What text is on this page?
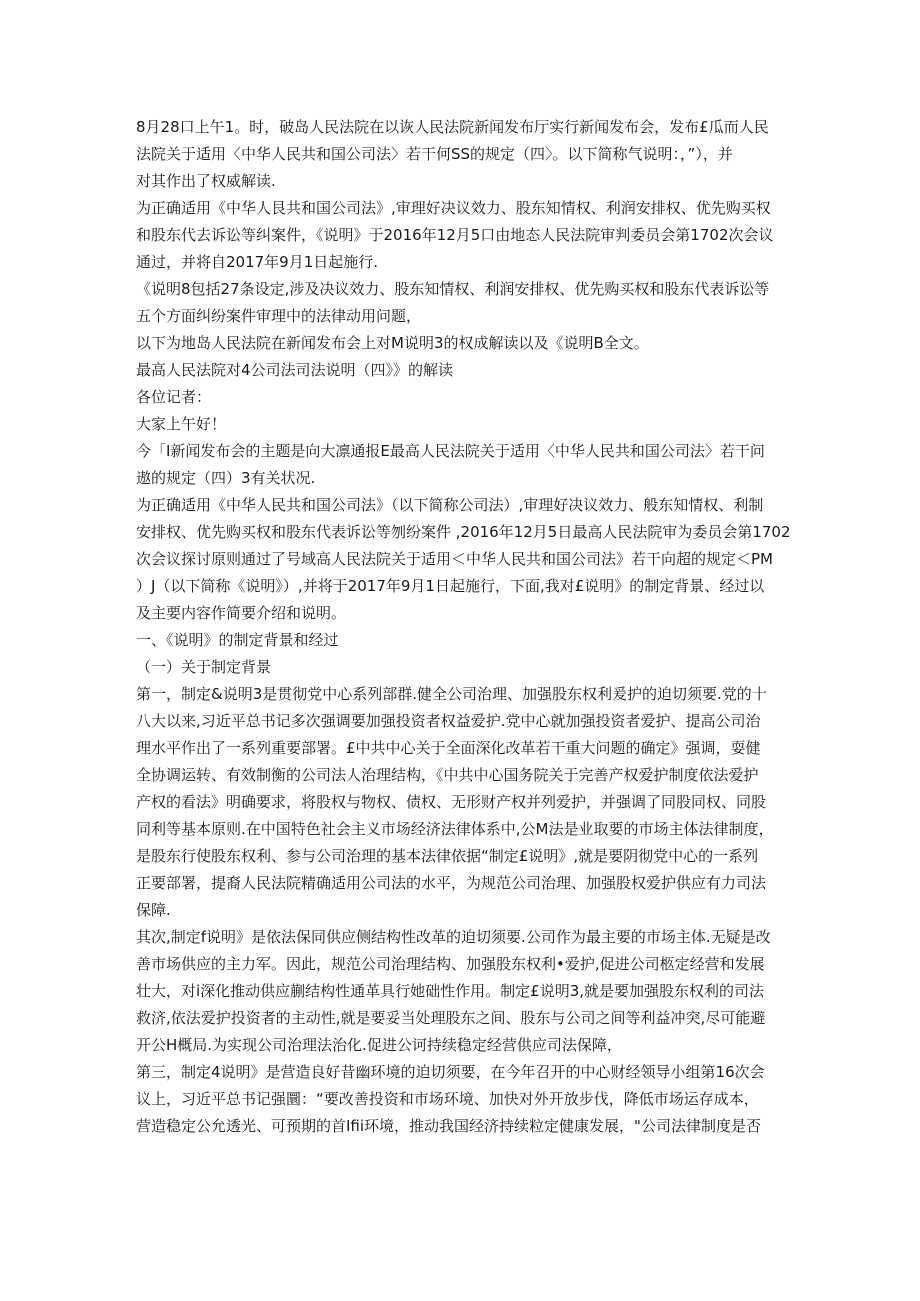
8月28口上午1。时，破岛人民法院在以诙人民法院新闻发布厅实行新闻发布会，发布£瓜而人民
法院关于适用〈中华人民共和国公司法〉若干何SS的规定（四〉。以下简称气说明：，”），并
对其作出了权威解读.
为正确适用《中华人艮共和国公司法》,审理好决议效力、股东知情权、利润安排权、优先购买权
和股东代去诉讼等纠案件，《说明》于2016年12月5口由地态人民法院审判委员会第1702次会议
通过，并将自2017年9月1日起施行.
《说明8包括27条设定,涉及决议效力、股东知情权、利润安排权、优先购买权和股东代表诉讼等
五个方面纠纷案件审理中的法律动用问题，
以下为地岛人民法院在新闻发布会上对M说明3的权成解读以及《说明B全文。
最高人民法院对4公司法司法说明（四》》的解读
各位记者：
大家上午好！
今「I新闻发布会的主题是向大凛通报E最高人民法院关于适用〈中华人民共和国公司法〉若干问
遨的规定（四）3有关状况.
为正确适用《中华人民共和国公司法》（以下简称公司法）,审理好决议效力、般东知情权、利制
安排权、优先购买权和股东代表诉讼等刎纷案件 ,2016年12月5日最高人民法院审为委员会第1702
次会议探讨原则通过了号域高人民法院关于适用＜中华人民共和国公司法》若干向超的规定＜PM
）J（以下简称《说明》）,并将于2017年9月1日起施行，下面,我对£说明》的制定背景、经过以
及主要内容作简要介绍和说明。
一、《说明》的制定背景和经过
（一）关于制定背景
第一，制定&说明3是贯彻党中心系列部群.健全公司治理、加强股东权利爰护的迫切须要.党的十
八大以来,习近平总书记多次强调要加强投资者权益爱护.党中心就加强投资者爱护、提高公司治
理水平作出了一系列重要部署。£中共中心关于全面深化改革若干重大问题的确定》强调，耍健
全协调运转、有效制衡的公司法人治理结构，《中共中心国务院关于完善产权爱护制度依法爱护
产权的看法》明确要求，将股权与物权、债权、无形财产权并列爱护，并强调了同股同权、同股
同利等基本原则.在中国特色社会主义市场经济法律体系中,公M法是业取要的市场主体法律制度，
是股东行使股东权利、参与公司治理的基本法律依据“制定£说明》,就是要阴彻党中心的一系列
正要部署，提裔人民法院精确适用公司法的水平，为规范公司治理、加强股权爱护供应有力司法
保障.
其次,制定f说明》是依法保同供应侧结构性改革的迫切须要.公司作为最主要的市场主体.无疑是改
善市场供应的主力军。因此，规范公司治理结构、加强股东权利•爱护,促进公司柩定经营和发展
壮大，对i深化推动供应蒯结构性通革具行她础性作用。制定£说明3,就是要加强股东权利的司法
救济,依法爱护投资者的主动性,就是要妥当处理股东之间、股东与公司之间等利益冲突,尽可能避
开公H概局.为实现公司治理法治化.促进公诃持续稳定经营供应司法保障，
第三，制定4说明》是营造良好昔幽环境的迫切须要，在今年召开的中心财经领导小组第16次会
议上，习近平总书记强圜：“要改善投资和市场环境、加快对外开放步伐，降低市场运存成本，
营造稳定公允透光、可预期的首Ifii环境，推动我国经济持续粒定健康发展，"公司法律制度是否
